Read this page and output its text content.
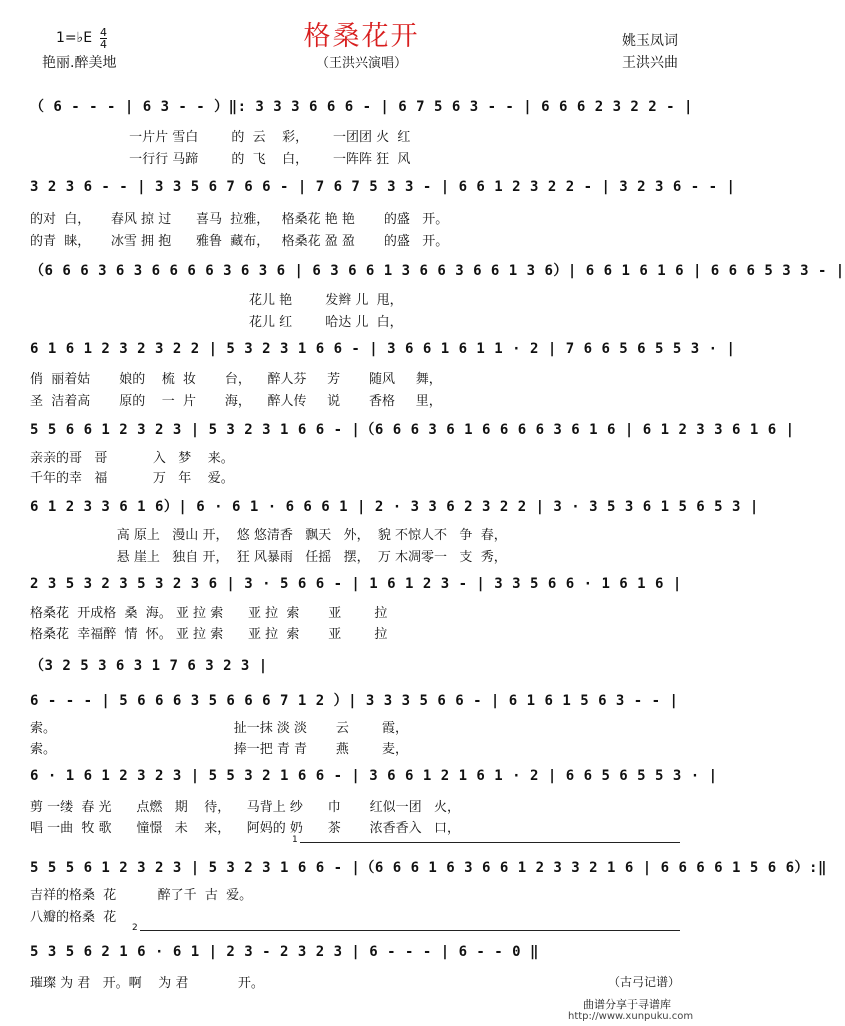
格桑花开
1=♭E 4
4
艳丽.醉美地	（王洪兴演唱）
姚玉凤词
王洪兴曲
（ 6 - - - | 6 3 - - ）‖: 3 3 3 6 6 6 - | 6 7 5 6 3 - - | 6 6 6 2 3 2 2 - |
一片片 雪白        的  云    彩，      一团团 火  红
一行行 马蹄        的  飞    白，      一阵阵 狂  风
3 2 3 6 - - | 3 3 5 6 7 6 6 - | 7 6 7 5 3 3 - | 6 6 1 2 3 2 2 - | 3 2 3 6 - - |
的对  白，     春风 掠 过      喜马  拉雅，   格桑花 艳 艳       的盛   开。
的青  睐，     冰雪 拥 抱      雅鲁  藏布，   格桑花 盈 盈       的盛   开。
（6 6 6 3 6 3 6 6 6 6 3 6 3 6 | 6 3 6 6 1 3 6 6 3 6 6 1 3 6）| 6 6 1 6 1 6 | 6 6 6 5 3 3 - |
花儿 艳        发辫 儿  甩，
花儿 红        哈达 儿  白，
6 1 6 1 2 3 2 3 2 2 | 5 3 2 3 1 6 6 - | 3 6 6 1 6 1 1 · 2 | 7 6 6 5 6 5 5 3 · |
俏  丽着姑       娘的    梳  妆       台，    醉人芬     芳       随风     舞，
圣  洁着高       原的    一  片       海，    醉人传     说       香格     里，
5 5 6 6 1 2 3 2 3 | 5 3 2 3 1 6 6 - |（6 6 6 3 6 1 6 6 6 6 3 6 1 6 | 6 1 2 3 3 6 1 6 |
亲亲的哥   哥           入   梦    来。
千年的幸   福           万   年    爱。
6 1 2 3 3 6 1 6）| 6 · 6 1 · 6 6 6 1 | 2 · 3 3 6 2 3 2 2 | 3 · 3 5 3 6 1 5 6 5 3 |
高 原上   漫山 开，  悠 悠清香   飘天   外，  貌 不惊人不   争  春，
悬 崖上   独自 开，  狂 风暴雨   任摇   摆，  万 木凋零一   支  秀，
2 3 5 3 2 3 5 3 2 3 6 | 3 · 5 6 6 - | 1 6 1 2 3 - | 3 3 5 6 6 · 1 6 1 6 |
格桑花  开成格  桑  海。 亚 拉 索      亚 拉  索       亚        拉
格桑花  幸福醉  情  怀。 亚 拉 索      亚 拉  索       亚        拉
（3 2 5 3 6 3 1 7 6 3 2 3 |
6 - - - | 5 6 6 6 3 5 6 6 6 7 1 2 ）| 3 3 3 5 6 6 - | 6 1 6 1 5 6 3 - - |
索。                                           扯一抹 淡 淡       云        霞，
索。                                           捧一把 青 青       燕        麦，
6 · 1 6 1 2 3 2 3 | 5 5 3 2 1 6 6 - | 3 6 6 1 2 1 6 1 · 2 | 6 6 5 6 5 5 3 · |
剪 一缕  春 光      点燃   期    待，    马背上 纱      巾       红似一团   火，
唱 一曲  牧 歌      憧憬   未    来，    阿妈的 奶      茶       浓香香入   口，
1
5 5 5 6 1 2 3 2 3 | 5 3 2 3 1 6 6 - |（6 6 6 1 6 3 6 6 1 2 3 3 2 1 6 | 6 6 6 6 1 5 6 6）:‖
吉祥的格桑  花          醉了千  古  爱。
八瓣的格桑  花
2
5 3 5 6 2 1 6 · 6 1 | 2 3 - 2 3 2 3 | 6 - - - | 6 - - 0 ‖
璀璨 为 君   开。啊    为 君            开。	（古弓记谱）
曲谱分享于寻谱库
http://www.xunpuku.com
